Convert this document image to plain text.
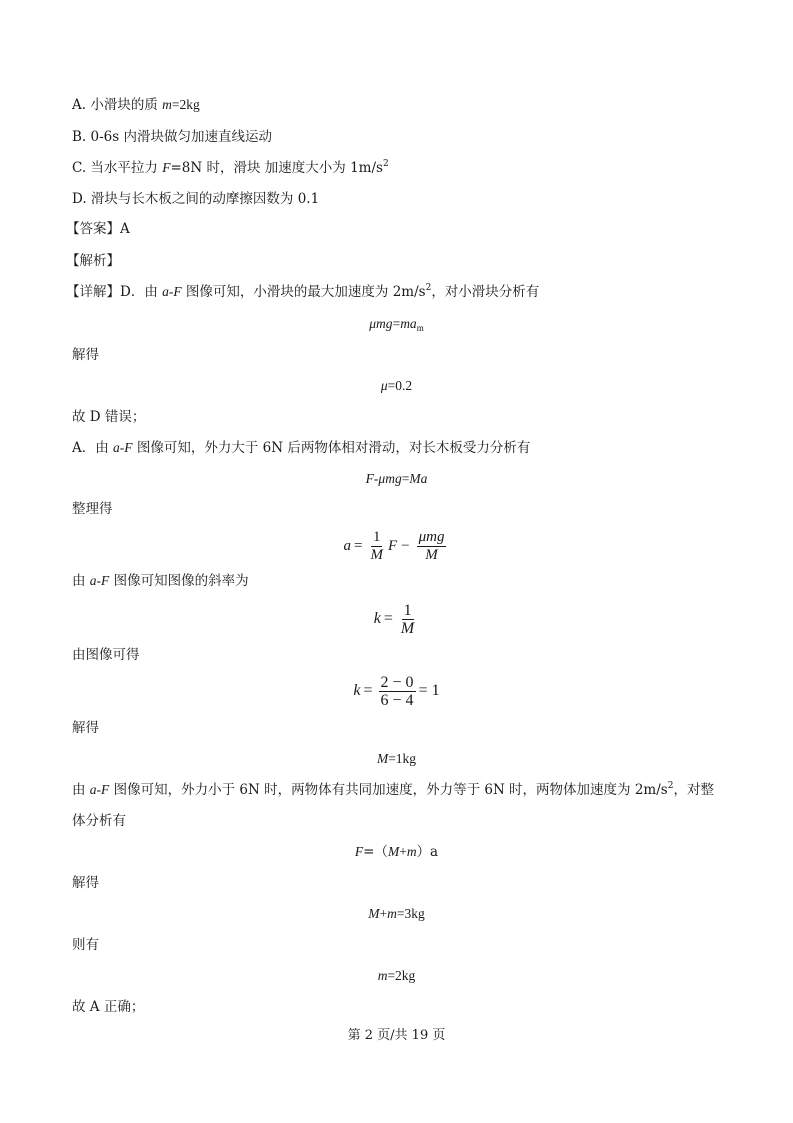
A. 小滑块的质 m=2kg
B. 0-6s 内滑块做匀加速直线运动
C. 当水平拉力 F=8N 时，滑块 加速度大小为 $1m/s^2$
D. 滑块与长木板之间的动摩擦因数为 0.1
【答案】A
【解析】
【详解】D．由 a-F 图像可知，小滑块的最大加速度为 $2m/s^2$，对小滑块分析有
$\mu mg=ma_m$
解得
μ=0.2
故 D 错误；
A．由 a-F 图像可知，外力大于 6N 后两物体相对滑动，对长木板受力分析有
F-μmg=Ma
整理得
$a = \frac{1}{M}$ $F - \frac{\text{μmg}}{M}$
由 a-F 图像可知图像的斜率为
$k = \frac{1}{M}$
由图像可得
$k = \frac{2 - 0}{6 - 4} = 1$
解得
M=1kg
由 a-F 图像可知，外力小于 6N 时，两物体有共同加速度，外力等于 6N 时，两物体加速度为 $2m/s^2$，对整
体分析有
F=（M+m）a
解得
M+m=3kg
则有
m=2kg
故 A 正确；
第 2 页/共 19 页
